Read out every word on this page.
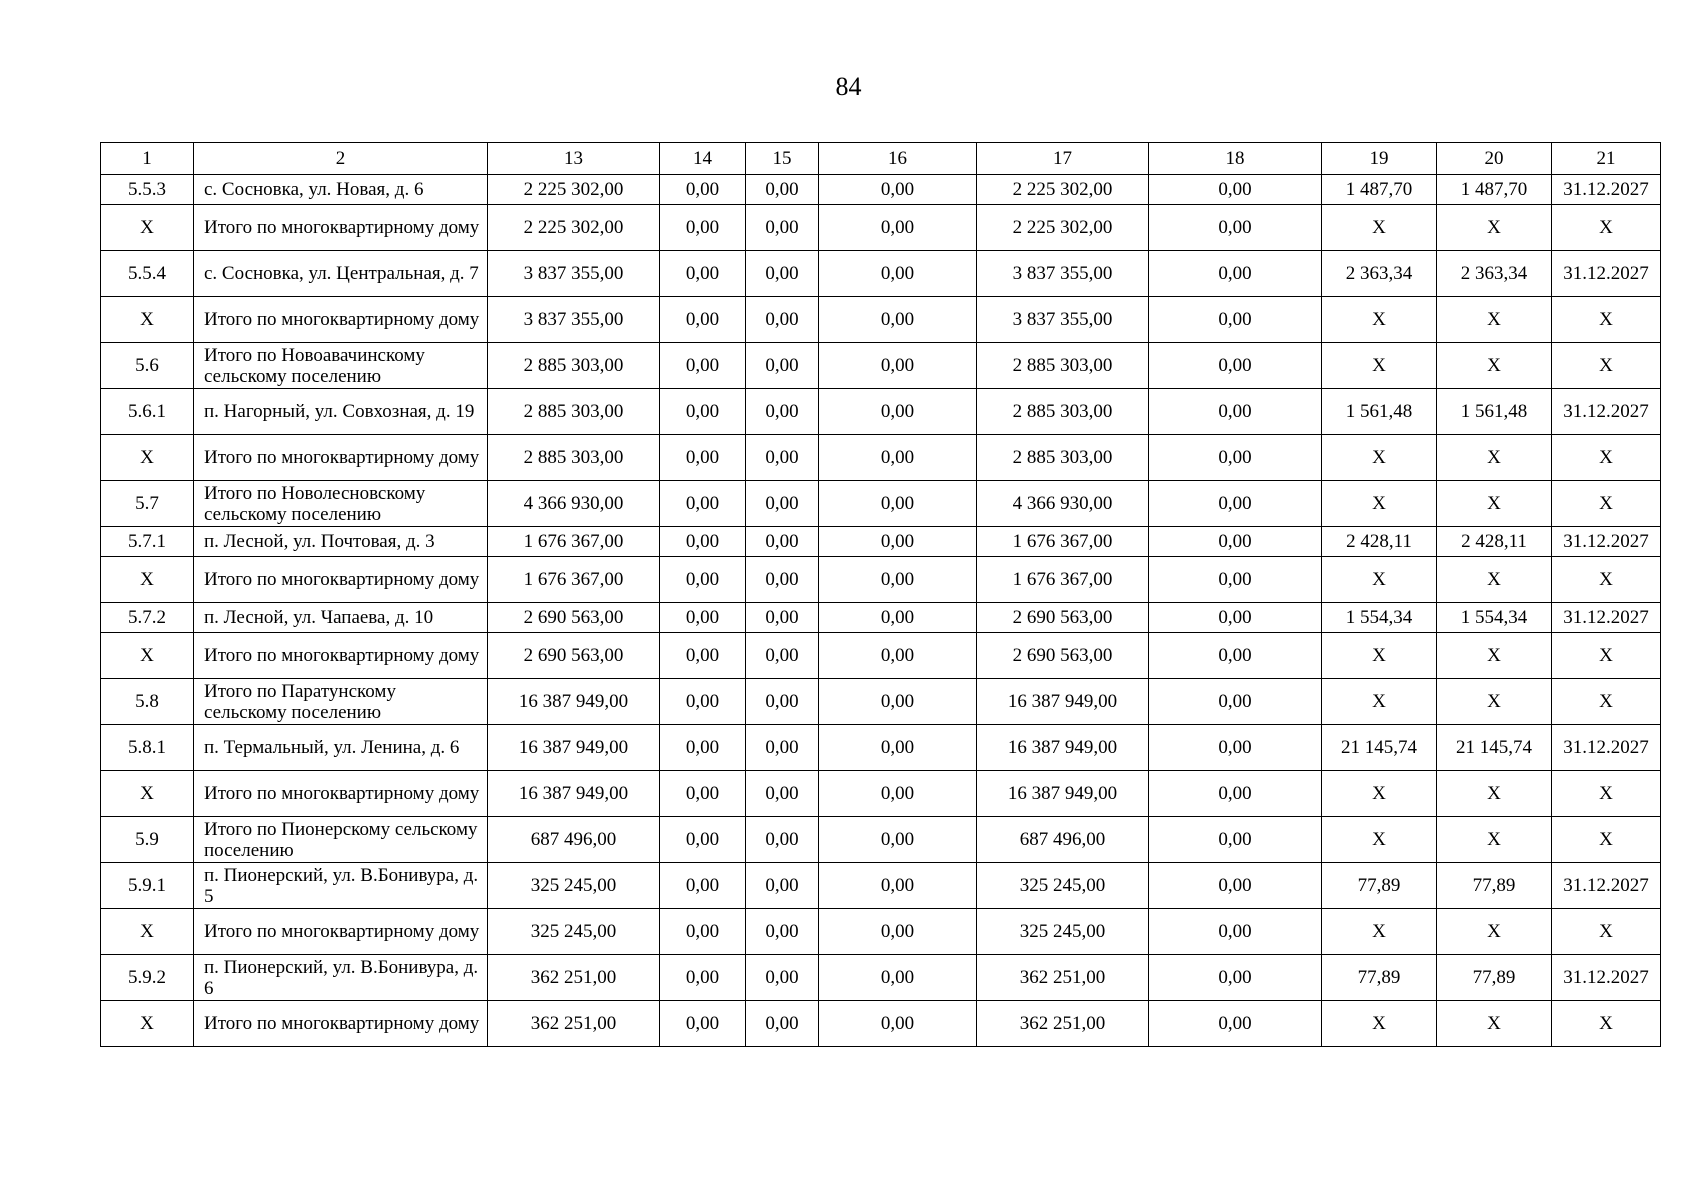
84
1	2	13	14	15	16	17	18	19	20	21
5.5.3	с. Сосновка, ул. Новая, д. 6	2 225 302,00	0,00	0,00	0,00	2 225 302,00	0,00	1 487,70	1 487,70	31.12.2027
X	Итого по многоквартирному дому	2 225 302,00	0,00	0,00	0,00	2 225 302,00	0,00	X	X	X
5.5.4	с. Сосновка, ул. Центральная, д. 7	3 837 355,00	0,00	0,00	0,00	3 837 355,00	0,00	2 363,34	2 363,34	31.12.2027
X	Итого по многоквартирному дому	3 837 355,00	0,00	0,00	0,00	3 837 355,00	0,00	X	X	X
5.6	Итого по Новоавачинскому сельскому поселению	2 885 303,00	0,00	0,00	0,00	2 885 303,00	0,00	X	X	X
5.6.1	п. Нагорный, ул. Совхозная, д. 19	2 885 303,00	0,00	0,00	0,00	2 885 303,00	0,00	1 561,48	1 561,48	31.12.2027
X	Итого по многоквартирному дому	2 885 303,00	0,00	0,00	0,00	2 885 303,00	0,00	X	X	X
5.7	Итого по Новолесновскому сельскому поселению	4 366 930,00	0,00	0,00	0,00	4 366 930,00	0,00	X	X	X
5.7.1	п. Лесной, ул. Почтовая, д. 3	1 676 367,00	0,00	0,00	0,00	1 676 367,00	0,00	2 428,11	2 428,11	31.12.2027
X	Итого по многоквартирному дому	1 676 367,00	0,00	0,00	0,00	1 676 367,00	0,00	X	X	X
5.7.2	п. Лесной, ул. Чапаева, д. 10	2 690 563,00	0,00	0,00	0,00	2 690 563,00	0,00	1 554,34	1 554,34	31.12.2027
X	Итого по многоквартирному дому	2 690 563,00	0,00	0,00	0,00	2 690 563,00	0,00	X	X	X
5.8	Итого по Паратунскому сельскому поселению	16 387 949,00	0,00	0,00	0,00	16 387 949,00	0,00	X	X	X
5.8.1	п. Термальный, ул. Ленина, д. 6	16 387 949,00	0,00	0,00	0,00	16 387 949,00	0,00	21 145,74	21 145,74	31.12.2027
X	Итого по многоквартирному дому	16 387 949,00	0,00	0,00	0,00	16 387 949,00	0,00	X	X	X
5.9	Итого по Пионерскому сельскому поселению	687 496,00	0,00	0,00	0,00	687 496,00	0,00	X	X	X
5.9.1	п. Пионерский, ул. В.Бонивура, д. 5	325 245,00	0,00	0,00	0,00	325 245,00	0,00	77,89	77,89	31.12.2027
X	Итого по многоквартирному дому	325 245,00	0,00	0,00	0,00	325 245,00	0,00	X	X	X
5.9.2	п. Пионерский, ул. В.Бонивура, д. 6	362 251,00	0,00	0,00	0,00	362 251,00	0,00	77,89	77,89	31.12.2027
X	Итого по многоквартирному дому	362 251,00	0,00	0,00	0,00	362 251,00	0,00	X	X	X
